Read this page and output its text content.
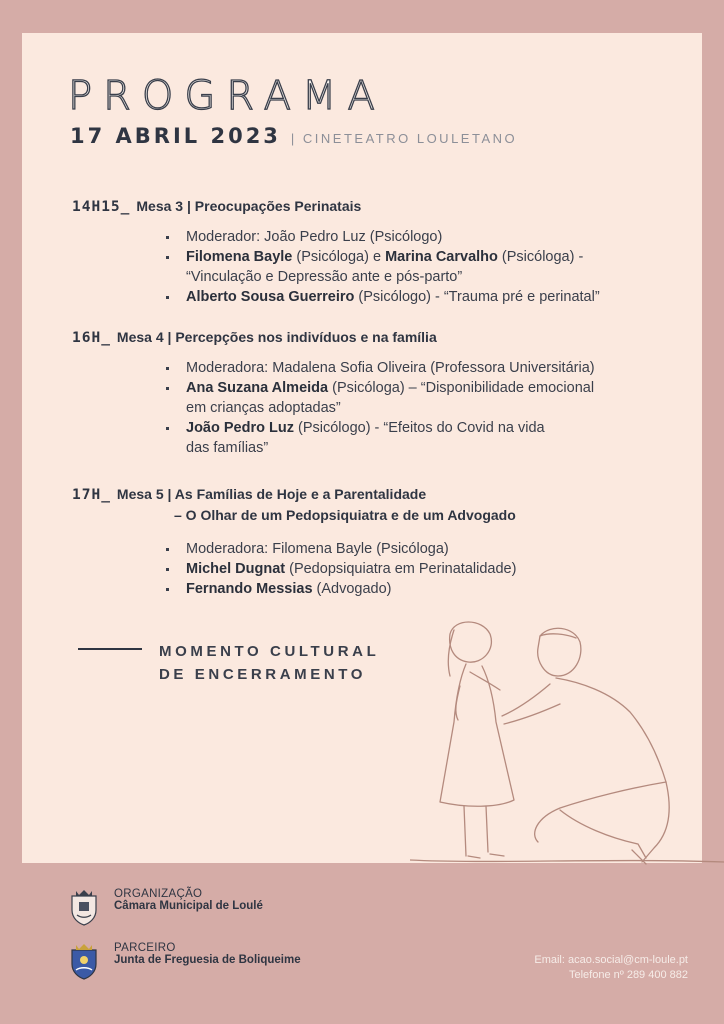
PROGRAMA
17 ABRIL 2023 | CINETEATRO LOULETANO
14H15_ Mesa 3 | Preocupações Perinatais
Moderador: João Pedro Luz (Psicólogo)
Filomena Bayle (Psicóloga) e Marina Carvalho (Psicóloga) -
“Vinculação e Depressão ante e pós-parto”
Alberto Sousa Guerreiro (Psicólogo) - “Trauma pré e perinatal”
16H_ Mesa 4 | Percepções nos indivíduos e na família
Moderadora: Madalena Sofia Oliveira (Professora Universitária)
Ana Suzana Almeida (Psicóloga) – “Disponibilidade emocional
em crianças adoptadas”
João Pedro Luz (Psicólogo) - “Efeitos do Covid na vida
das famílias”
17H_ Mesa 5 | As Famílias de Hoje e a Parentalidade
– O Olhar de um Pedopsiquiatra e de um Advogado
Moderadora: Filomena Bayle (Psicóloga)
Michel Dugnat (Pedopsiquiatra em Perinatalidade)
Fernando Messias (Advogado)
MOMENTO CULTURAL
DE ENCERRAMENTO
ORGANIZAÇÃO
Câmara Municipal de Loulé
PARCEIRO
Junta de Freguesia de Boliqueime	Email: acao.social@cm-loule.pt
Telefone nº 289 400 882
